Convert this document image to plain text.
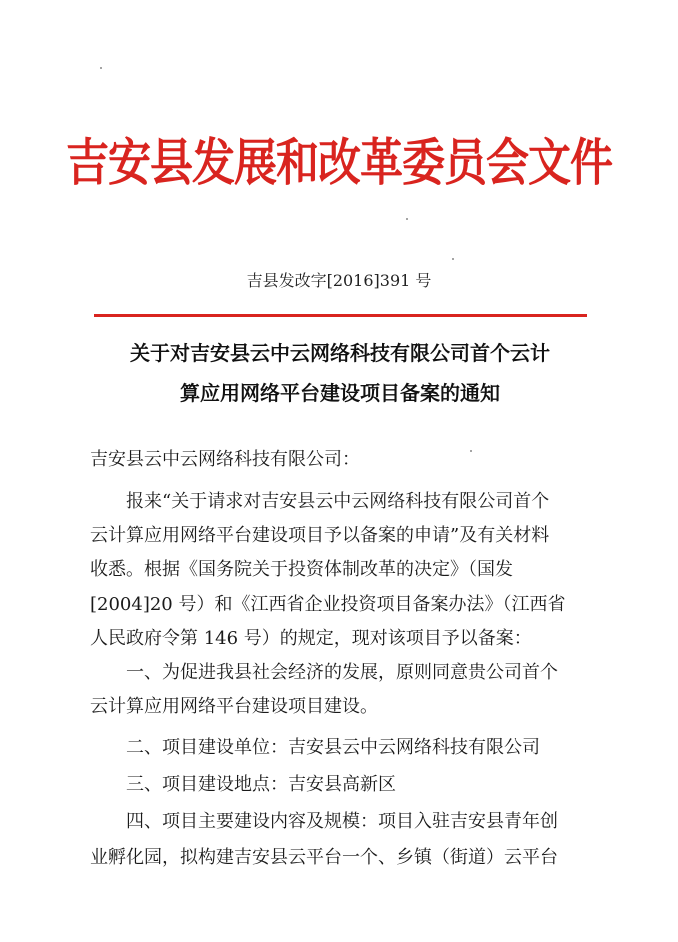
吉安县发展和改革委员会文件
吉县发改字[2016]391 号
关于对吉安县云中云网络科技有限公司首个云计
算应用网络平台建设项目备案的通知
吉安县云中云网络科技有限公司：
　　报来“关于请求对吉安县云中云网络科技有限公司首个
云计算应用网络平台建设项目予以备案的申请”及有关材料
收悉。根据《国务院关于投资体制改革的决定》（国发
[2004]20 号）和《江西省企业投资项目备案办法》（江西省
人民政府令第 146 号）的规定，现对该项目予以备案：
　　一、为促进我县社会经济的发展，原则同意贵公司首个
云计算应用网络平台建设项目建设。
　　二、项目建设单位：吉安县云中云网络科技有限公司
　　三、项目建设地点：吉安县高新区
　　四、项目主要建设内容及规模：项目入驻吉安县青年创
业孵化园，拟构建吉安县云平台一个、乡镇（街道）云平台
